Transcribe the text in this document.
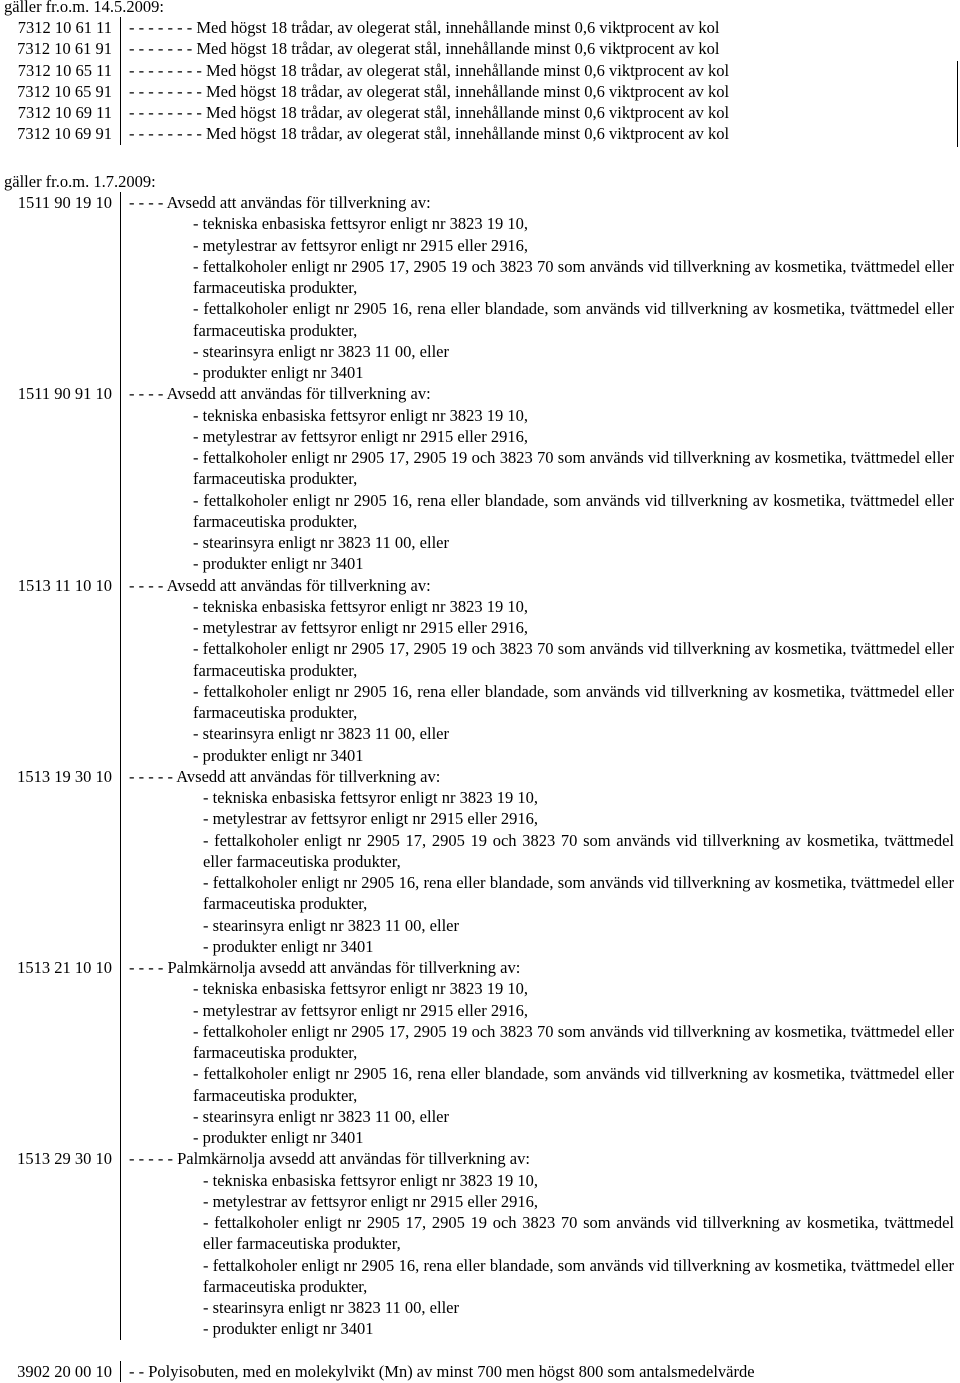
gäller fr.o.m. 14.5.2009:
7312 10 61 11	- - - - - - - Med högst 18 trådar, av olegerat stål, innehållande minst 0,6 viktprocent av kol
7312 10 61 91	- - - - - - - Med högst 18 trådar, av olegerat stål, innehållande minst 0,6 viktprocent av kol
7312 10 65 11	- - - - - - - - Med högst 18 trådar, av olegerat stål, innehållande minst 0,6 viktprocent av kol
7312 10 65 91	- - - - - - - - Med högst 18 trådar, av olegerat stål, innehållande minst 0,6 viktprocent av kol
7312 10 69 11	- - - - - - - - Med högst 18 trådar, av olegerat stål, innehållande minst 0,6 viktprocent av kol
7312 10 69 91	- - - - - - - - Med högst 18 trådar, av olegerat stål, innehållande minst 0,6 viktprocent av kol
gäller fr.o.m. 1.7.2009:
1511 90 19 10	- - - - Avsedd att användas för tillverkning av:
- tekniska enbasiska fettsyror enligt nr 3823 19 10,
- metylestrar av fettsyror enligt nr 2915 eller 2916,
- fettalkoholer enligt nr 2905 17, 2905 19 och 3823 70 som används vid tillverkning av kosmetika, tvättmedel eller farmaceutiska produkter,
- fettalkoholer enligt nr 2905 16, rena eller blandade, som används vid tillverkning av kosmetika, tvättmedel eller farmaceutiska produkter,
- stearinsyra enligt nr 3823 11 00, eller
- produkter enligt nr 3401
1511 90 91 10	- - - - Avsedd att användas för tillverkning av:
- tekniska enbasiska fettsyror enligt nr 3823 19 10,
- metylestrar av fettsyror enligt nr 2915 eller 2916,
- fettalkoholer enligt nr 2905 17, 2905 19 och 3823 70 som används vid tillverkning av kosmetika, tvättmedel eller farmaceutiska produkter,
- fettalkoholer enligt nr 2905 16, rena eller blandade, som används vid tillverkning av kosmetika, tvättmedel eller farmaceutiska produkter,
- stearinsyra enligt nr 3823 11 00, eller
- produkter enligt nr 3401
1513 11 10 10	- - - - Avsedd att användas för tillverkning av:
- tekniska enbasiska fettsyror enligt nr 3823 19 10,
- metylestrar av fettsyror enligt nr 2915 eller 2916,
- fettalkoholer enligt nr 2905 17, 2905 19 och 3823 70 som används vid tillverkning av kosmetika, tvättmedel eller farmaceutiska produkter,
- fettalkoholer enligt nr 2905 16, rena eller blandade, som används vid tillverkning av kosmetika, tvättmedel eller farmaceutiska produkter,
- stearinsyra enligt nr 3823 11 00, eller
- produkter enligt nr 3401
1513 19 30 10	- - - - - Avsedd att användas för tillverkning av:
- tekniska enbasiska fettsyror enligt nr 3823 19 10,
- metylestrar av fettsyror enligt nr 2915 eller 2916,
- fettalkoholer enligt nr 2905 17, 2905 19 och 3823 70 som används vid tillverkning av kosmetika, tvättmedel eller farmaceutiska produkter,
- fettalkoholer enligt nr 2905 16, rena eller blandade, som används vid tillverkning av kosmetika, tvättmedel eller farmaceutiska produkter,
- stearinsyra enligt nr 3823 11 00, eller
- produkter enligt nr 3401
1513 21 10 10	- - - - Palmkärnolja avsedd att användas för tillverkning av:
- tekniska enbasiska fettsyror enligt nr 3823 19 10,
- metylestrar av fettsyror enligt nr 2915 eller 2916,
- fettalkoholer enligt nr 2905 17, 2905 19 och 3823 70 som används vid tillverkning av kosmetika, tvättmedel eller farmaceutiska produkter,
- fettalkoholer enligt nr 2905 16, rena eller blandade, som används vid tillverkning av kosmetika, tvättmedel eller farmaceutiska produkter,
- stearinsyra enligt nr 3823 11 00, eller
- produkter enligt nr 3401
1513 29 30 10	- - - - - Palmkärnolja avsedd att användas för tillverkning av:
- tekniska enbasiska fettsyror enligt nr 3823 19 10,
- metylestrar av fettsyror enligt nr 2915 eller 2916,
- fettalkoholer enligt nr 2905 17, 2905 19 och 3823 70 som används vid tillverkning av kosmetika, tvättmedel eller farmaceutiska produkter,
- fettalkoholer enligt nr 2905 16, rena eller blandade, som används vid tillverkning av kosmetika, tvättmedel eller farmaceutiska produkter,
- stearinsyra enligt nr 3823 11 00, eller
- produkter enligt nr 3401
3902 20 00 10	- - Polyisobuten, med en molekylvikt (Mn) av minst 700 men högst 800 som antalsmedelvärde
